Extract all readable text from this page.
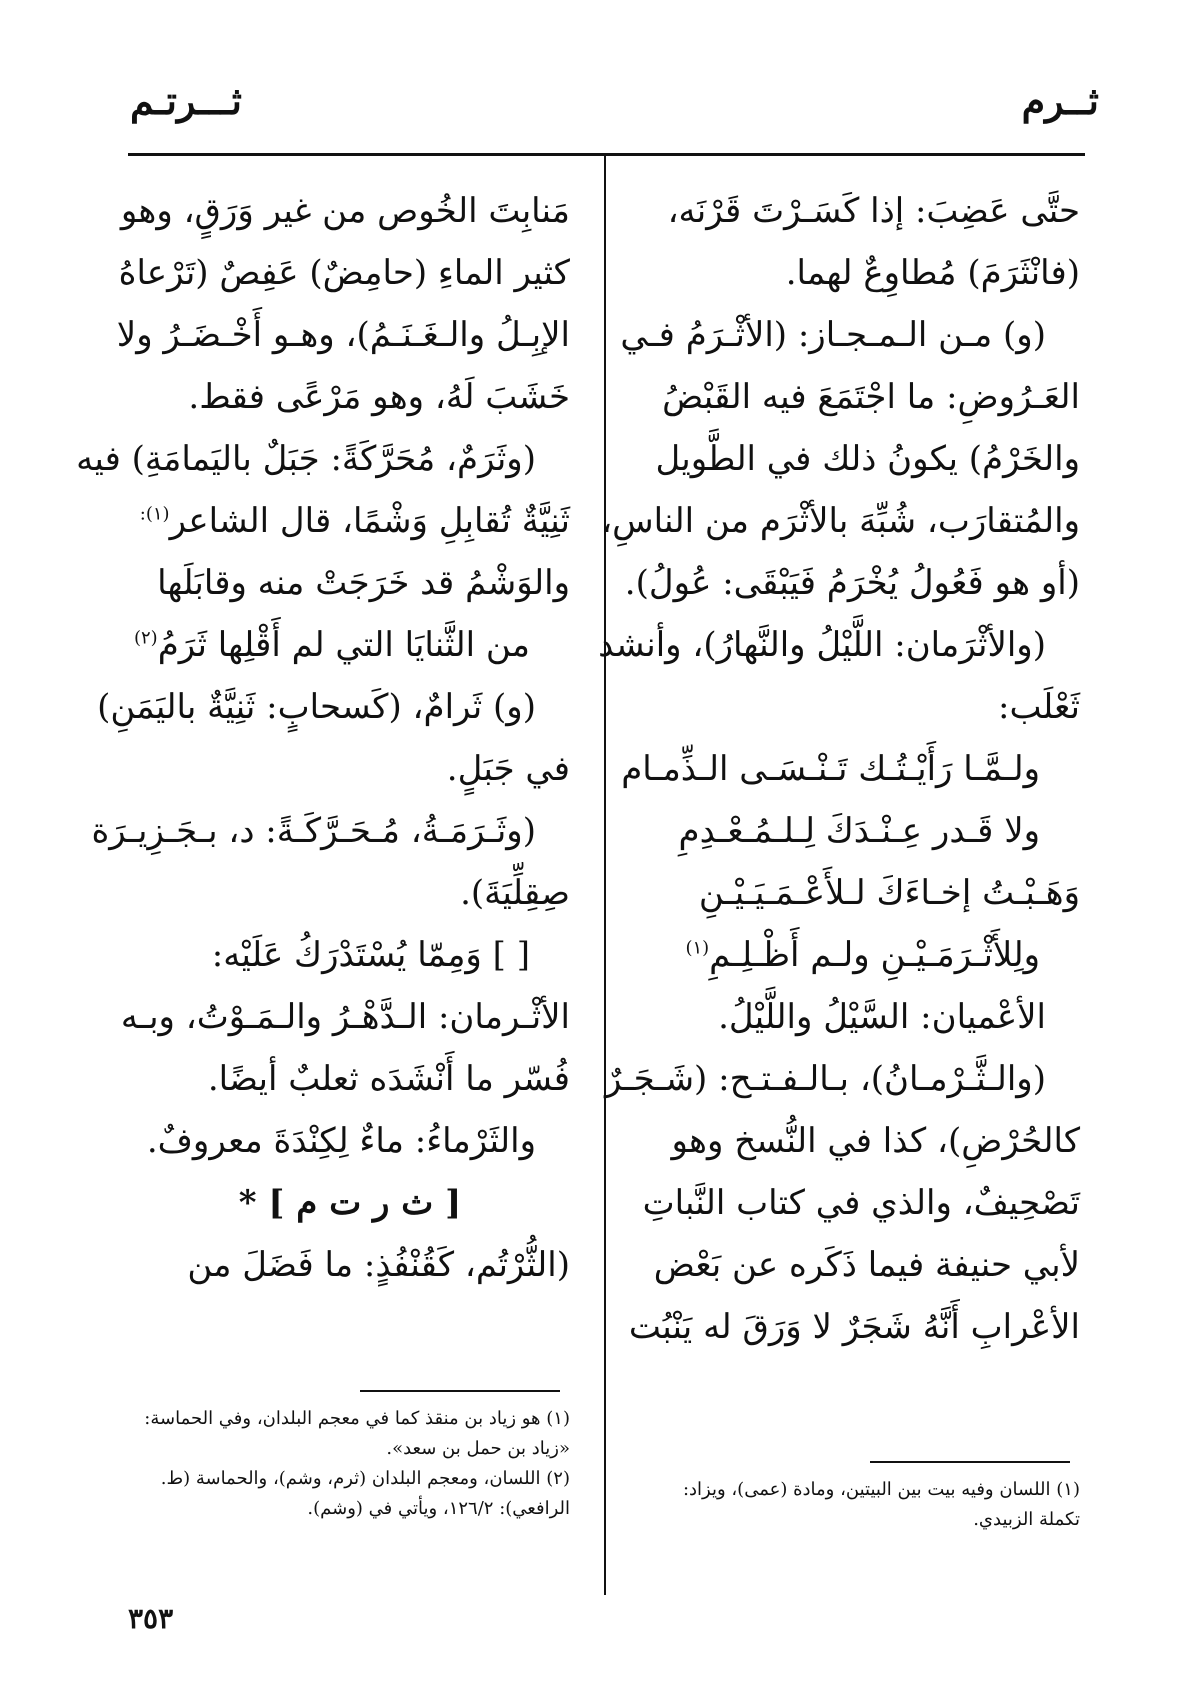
ثــرم
ثـــرتـم
حتَّى عَضِبَ: إذا كَسَـرْتَ قَرْنَه،
(فانْثَرَمَ) مُطاوِعٌ لهما.
(و) مـن الـمـجـاز: (الأثْـرَمُ فـي
العَـرُوضِ: ما اجْتَمَعَ فيه القَبْضُ
والخَرْمُ) يكونُ ذلك في الطَّويل
والمُتقارَب، شُبِّهَ بالأثْرَم من الناسِ،
(أو هو فَعُولُ يُخْرَمُ فَيَبْقَى: عُولُ).
(والأثْرَمان: اللَّيْلُ والنَّهارُ)، وأنشد
ثَعْلَب:
ولـمَّـا رَأَيْـتُـك تَـنْـسَـى الـذِّمـام
ولا قَـدر عِـنْـدَكَ لِـلـمُـعْـدِمِ
وَهَـبْـتُ إخـاءَكَ لـلأَعْـمَـيَـيْـنِ
ولِلأَثْـرَمَـيْـنِ ولـم أَظْـلِـمِ$^{(١)}$
الأعْميان: السَّيْلُ واللَّيْلُ.
(والـثَّـرْمـانُ)، بـالـفـتـح: (شَـجَـرٌ
كالحُرْضِ)، كذا في النُّسخ وهو
تَصْحِيفٌ، والذي في كتاب النَّباتِ
لأبي حنيفة فيما ذَكَره عن بَعْض
الأعْرابِ أَنَّهُ شَجَرٌ لا وَرَقَ له يَنْبُت

(١) اللسان وفيه بيت بين البيتين، ومادة (عمى)، ويزاد: تكملة الزبيدي.

مَنابِتَ الخُوص من غير وَرَقٍ، وهو
كثير الماءِ (حامِضٌ) عَفِصٌ (تَرْعاهُ
الإبِـلُ والـغَـنَـمُ)، وهـو أَخْـضَـرُ ولا
خَشَبَ لَهُ، وهو مَرْعًى فقط.
(وثَرَمٌ، مُحَرَّكَةً: جَبَلٌ باليَمامَةِ) فيه
ثَنِيَّةٌ تُقابِلِ وَشْمًا، قال الشاعر$^{(١):}$
والوَشْمُ قد خَرَجَتْ منه وقابَلَها
من الثَّنايَا التي لم أَقْلِها ثَرَمُ$^{(٢)}$
(و) ثَرامٌ، (كَسحابٍ: ثَنِيَّةٌ باليَمَنِ)
في جَبَلٍ.
(وثَـرَمَـةُ، مُـحَـرَّكَـةً: د، بـجَـزِيـرَة
صِقِلِّيَةَ).
[ ] وَمِمّا يُسْتَدْرَكُ عَلَيْه:
الأثْـرمان: الـدَّهْـرُ والـمَـوْتُ، وبـه
فُسّر ما أَنْشَدَه ثعلبٌ أيضًا.
والثَرْماءُ: ماءٌ لِكِنْدَةَ معروفٌ.
[ ث ر ت م ] *
(الثُّرْتُم، كَقُنْفُذٍ: ما فَضَلَ من

(١) هو زياد بن منقذ كما في معجم البلدان، وفي الحماسة: «زياد بن حمل بن سعد».

(٢) اللسان، ومعجم البلدان (ثرم، وشم)، والحماسة (ط. الرافعي): ١٢٦/٢، ويأتي في (وشم).

٣٥٣
